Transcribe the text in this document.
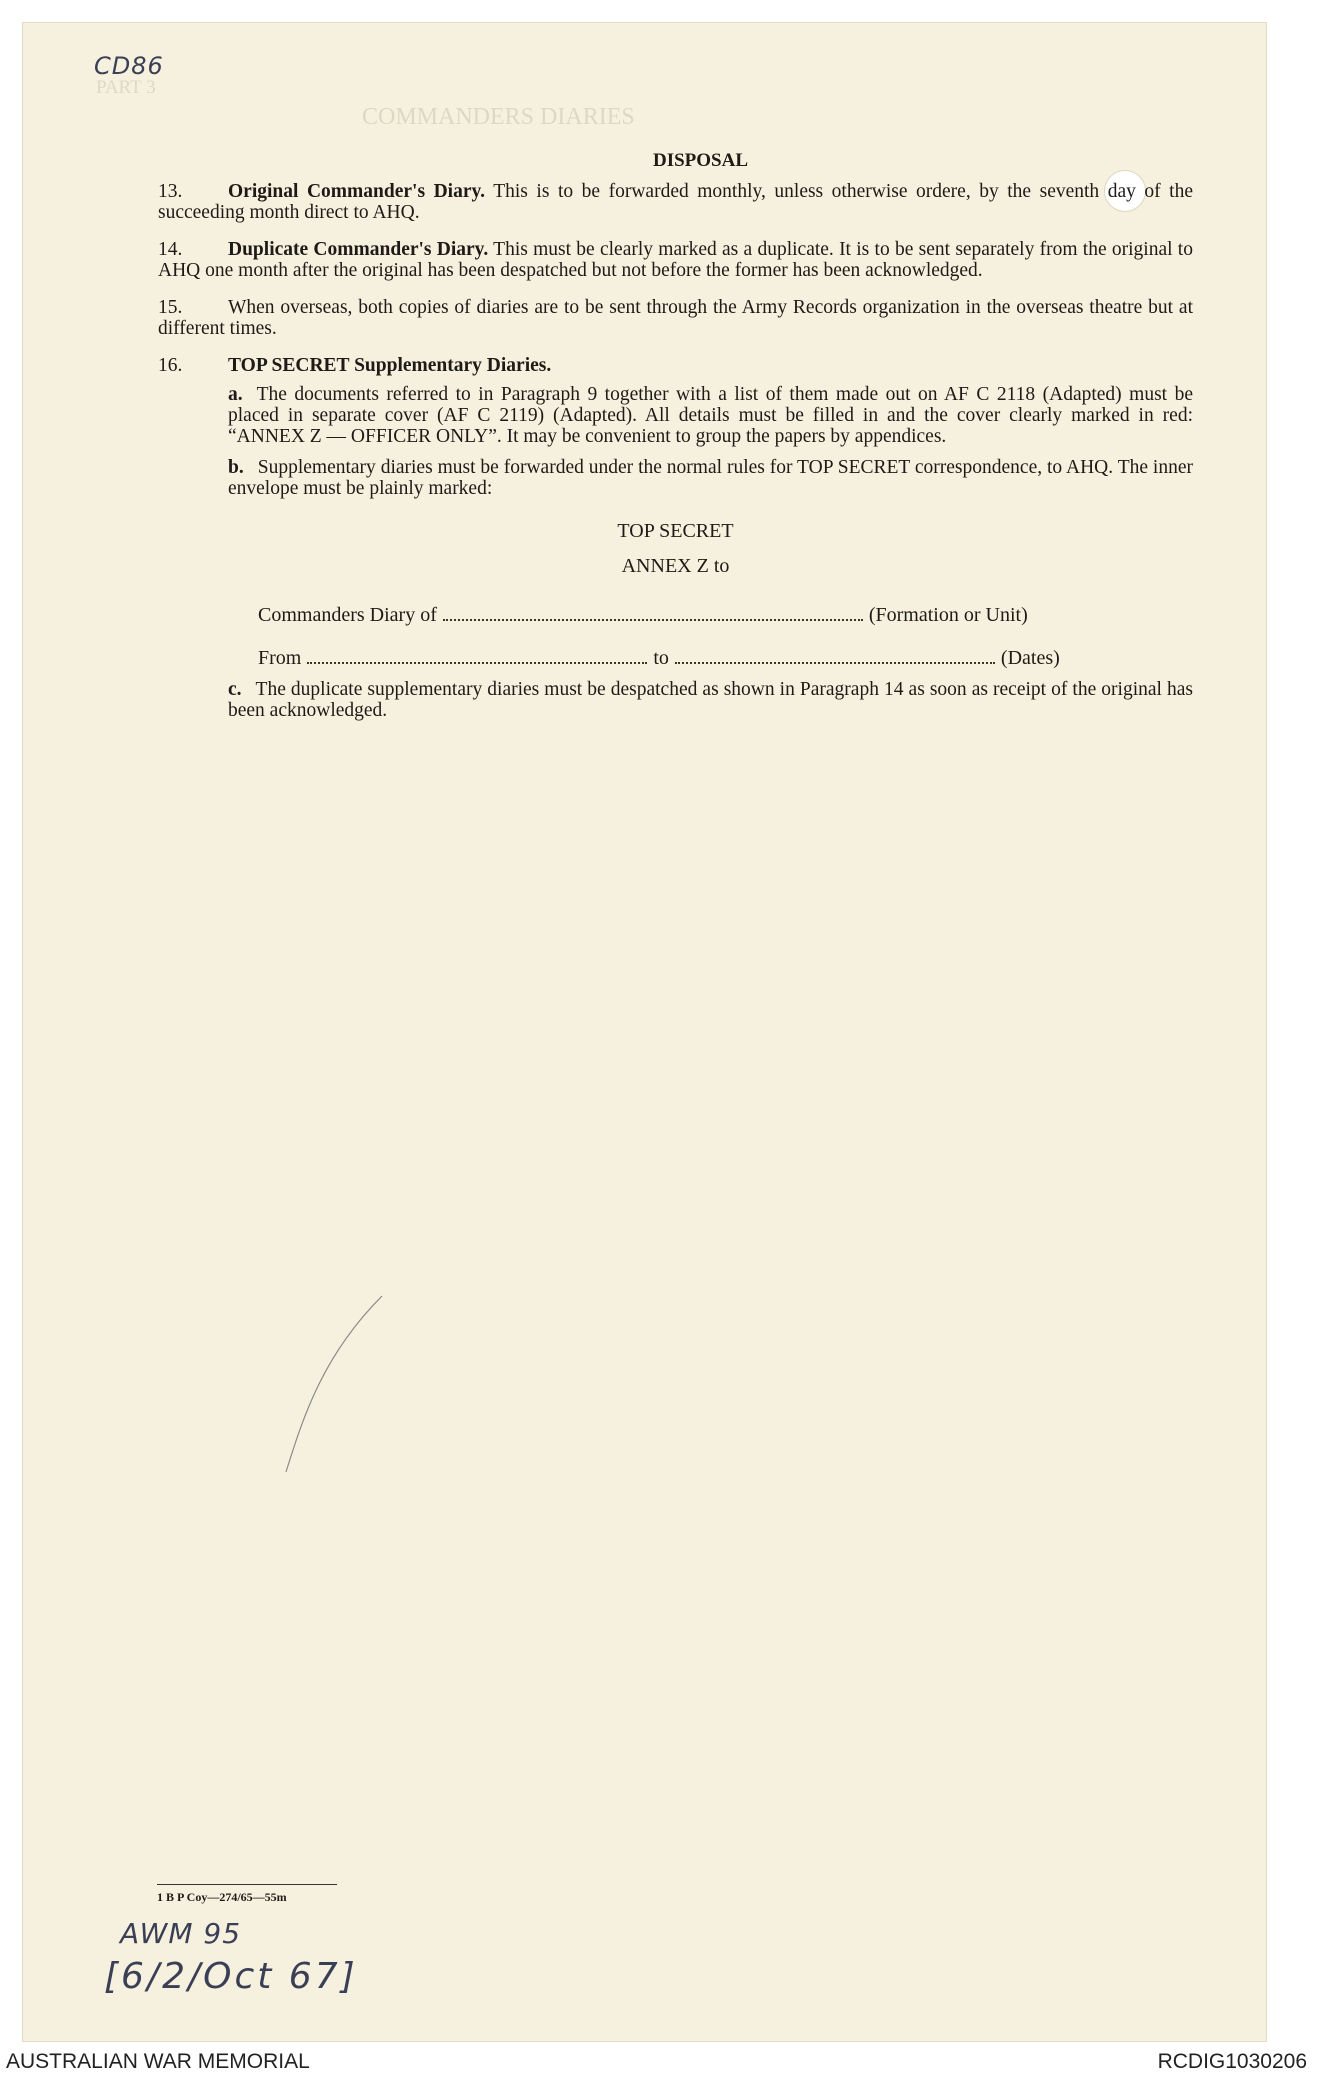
CD86
PART 3
COMMANDERS DIARIES
DISPOSAL
13. Original Commander's Diary. This is to be forwarded monthly, unless otherwise ordere, by the seventh day of the succeeding month direct to AHQ.
14. Duplicate Commander's Diary. This must be clearly marked as a duplicate. It is to be sent separately from the original to AHQ one month after the original has been despatched but not before the former has been acknowledged.
15. When overseas, both copies of diaries are to be sent through the Army Records organization in the overseas theatre but at different times.
16. TOP SECRET Supplementary Diaries.
a. The documents referred to in Paragraph 9 together with a list of them made out on AF C 2118 (Adapted) must be placed in separate cover (AF C 2119) (Adapted). All details must be filled in and the cover clearly marked in red: “ANNEX Z — OFFICER ONLY”. It may be convenient to group the papers by appendices.
b. Supplementary diaries must be forwarded under the normal rules for TOP SECRET correspondence, to AHQ. The inner envelope must be plainly marked:
TOP SECRET
ANNEX Z to
Commanders Diary of	(Formation or Unit)
From	to	(Dates)
c. The duplicate supplementary diaries must be despatched as shown in Paragraph 14 as soon as receipt of the original has been acknowledged.
1 B P Coy—274/65—55m
AWM 95
[6/2/Oct 67]
AUSTRALIAN WAR MEMORIAL	RCDIG1030206
